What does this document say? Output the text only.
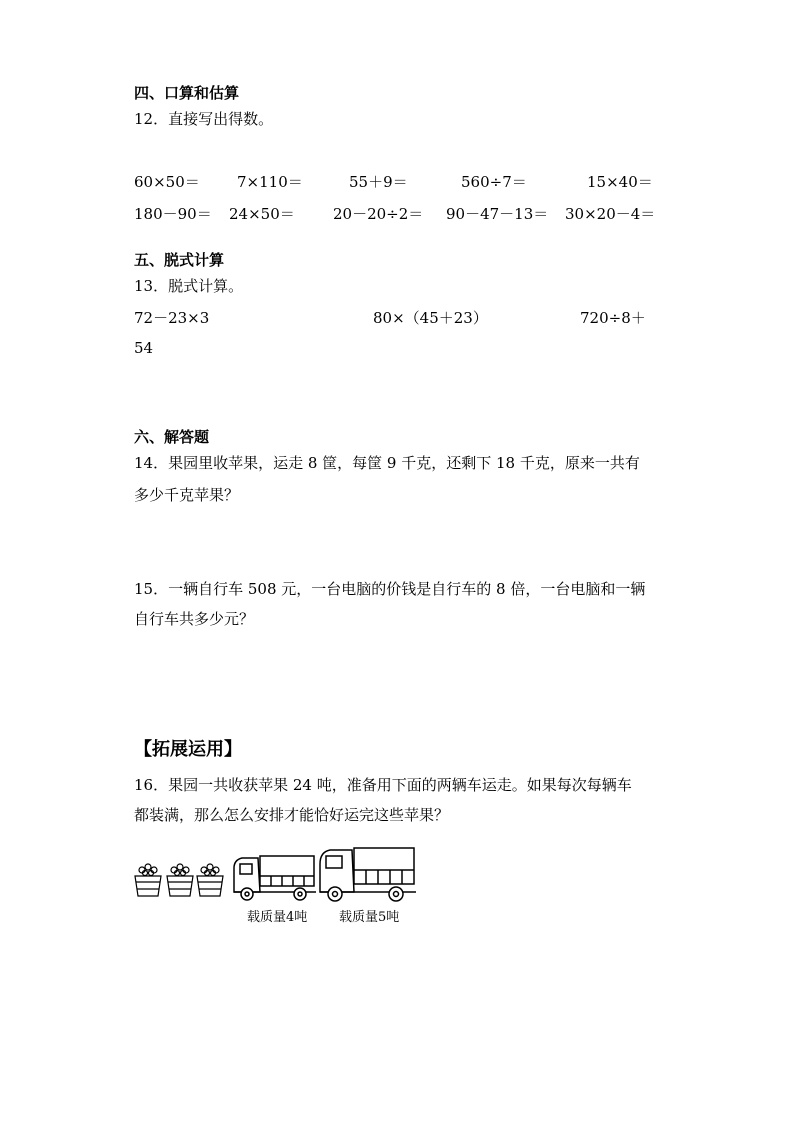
四、口算和估算
12．直接写出得数。
60×50＝ 7×110＝	55＋9＝	560÷7＝	15×40＝
180－90＝ 24×50＝	20－20÷2＝ 90－47－13＝ 30×20－4＝
五、脱式计算
13．脱式计算。
72－23×3	80×（45＋23）	720÷8＋
54
六、解答题
14．果园里收苹果，运走 8 筐，每筐 9 千克，还剩下 18 千克，原来一共有
多少千克苹果？
15．一辆自行车 508 元，一台电脑的价钱是自行车的 8 倍，一台电脑和一辆
自行车共多少元？
【拓展运用】
16．果园一共收获苹果 24 吨，准备用下面的两辆车运走。如果每次每辆车
都装满，那么怎么安排才能恰好运完这些苹果？
载质量4吨 载质量5吨
